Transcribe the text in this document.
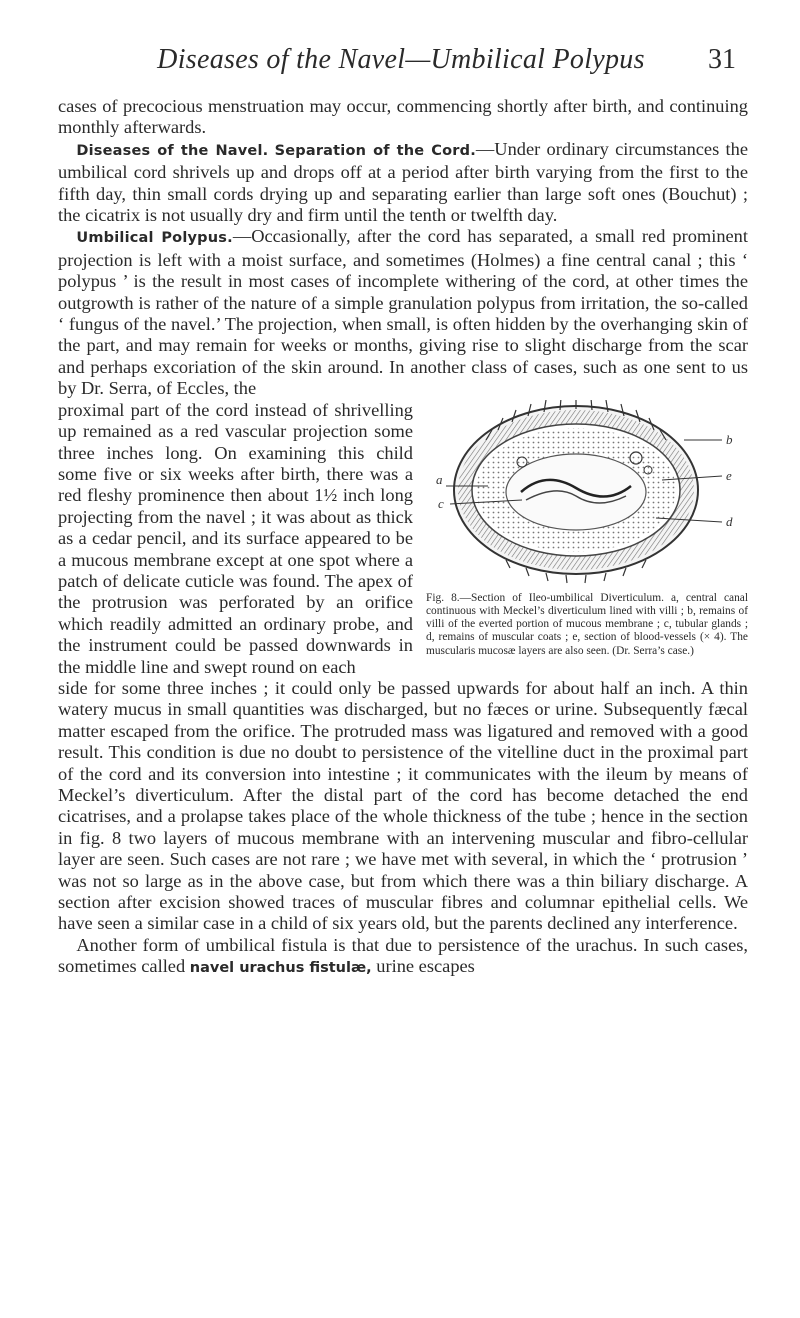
Diseases of the Navel—Umbilical Polypus	31

cases of precocious menstruation may occur, commencing shortly after birth, and continuing monthly afterwards.

Diseases of the Navel. Separation of the Cord.—Under ordinary circumstances the umbilical cord shrivels up and drops off at a period after birth varying from the first to the fifth day, thin small cords drying up and separating earlier than large soft ones (Bouchut) ; the cicatrix is not usually dry and firm until the tenth or twelfth day.

Umbilical Polypus.—Occasionally, after the cord has separated, a small red prominent projection is left with a moist surface, and sometimes (Holmes) a fine central canal ; this ‘ polypus ’ is the result in most cases of incomplete withering of the cord, at other times the outgrowth is rather of the nature of a simple granulation polypus from irritation, the so-called ‘ fungus of the navel.’ The projection, when small, is often hidden by the overhanging skin of the part, and may remain for weeks or months, giving rise to slight discharge from the scar and perhaps excoriation of the skin around. In another class of cases, such as one sent to us by Dr. Serra, of Eccles, the

a
c
b
e
d
Fig. 8.—Section of Ileo-umbilical Diverticulum. a, central canal continuous with Meckel’s diverticulum lined with villi ; b, remains of villi of the everted portion of mucous membrane ; c, tubular glands ; d, remains of muscular coats ; e, section of blood-vessels (× 4). The muscularis mucosæ layers are also seen. (Dr. Serra’s case.)
proximal part of the cord instead of shrivelling up remained as a red vascular projection some three inches long. On examining this child some five or six weeks after birth, there was a red fleshy prominence then about 1½ inch long projecting from the navel ; it was about as thick as a cedar pencil, and its surface appeared to be a mucous membrane except at one spot where a patch of delicate cuticle was found. The apex of the protrusion was perforated by an orifice which readily admitted an ordinary probe, and the instrument could be passed downwards in the middle line and swept round on each

side for some three inches ; it could only be passed upwards for about half an inch. A thin watery mucus in small quantities was discharged, but no fæces or urine. Subsequently fæcal matter escaped from the orifice. The protruded mass was ligatured and removed with a good result. This condition is due no doubt to persistence of the vitelline duct in the proximal part of the cord and its conversion into intestine ; it communicates with the ileum by means of Meckel’s diverticulum. After the distal part of the cord has become detached the end cicatrises, and a prolapse takes place of the whole thickness of the tube ; hence in the section in fig. 8 two layers of mucous membrane with an intervening muscular and fibro-cellular layer are seen. Such cases are not rare ; we have met with several, in which the ‘ protrusion ’ was not so large as in the above case, but from which there was a thin biliary discharge. A section after excision showed traces of muscular fibres and columnar epithelial cells. We have seen a similar case in a child of six years old, but the parents declined any interference.

Another form of umbilical fistula is that due to persistence of the urachus. In such cases, sometimes called navel urachus fistulæ, urine escapes
